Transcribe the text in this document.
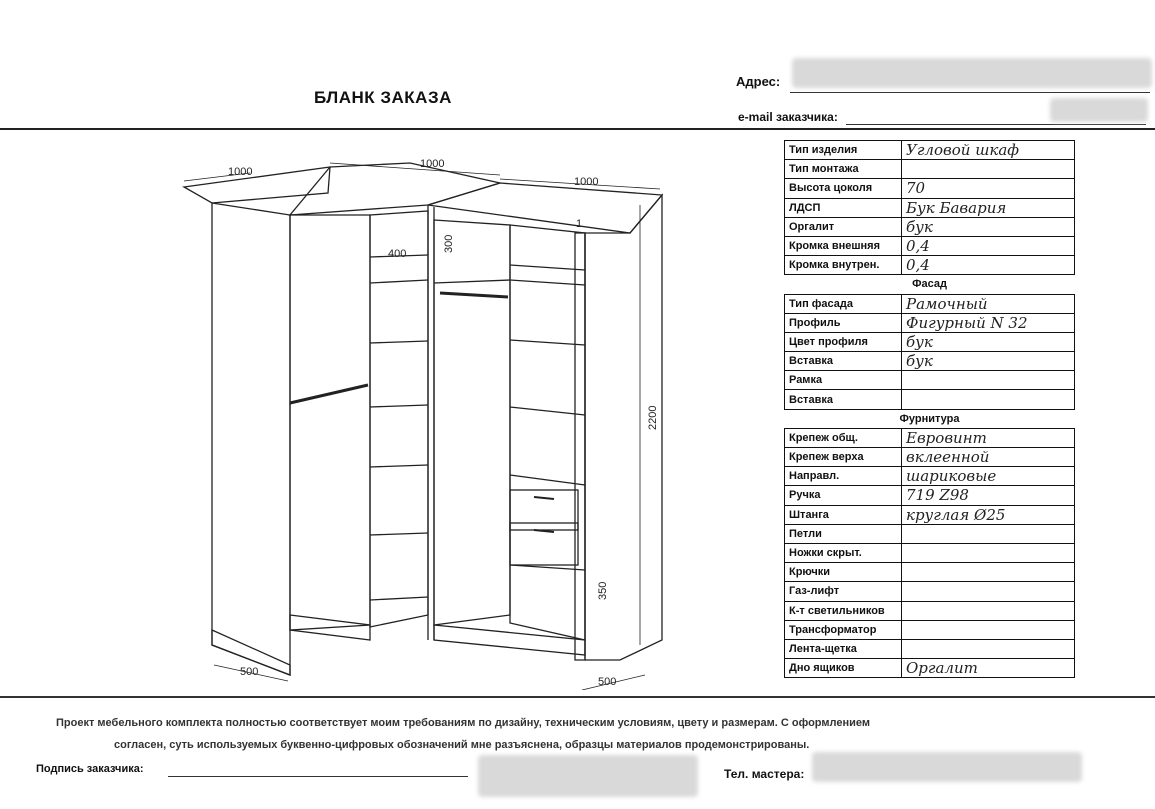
БЛАНК ЗАКАЗА
Адрес:
e-mail заказчика:
1000
1000
1000
400
300
1
2200
350
500
500
Тип изделия	Угловой шкаф
Тип монтажа	
Высота цоколя	70
ЛДСП	Бук Бавария
Оргалит	бук
Кромка внешняя	0,4
Кромка внутрен.	0,4
Фасад	
Тип фасада	Рамочный
Профиль	Фигурный N 32
Цвет профиля	бук
Вставка	бук
Рамка	
Вставка	
Фурнитура	
Крепеж общ.	Евровинт
Крепеж верха	вклеенной
Направл.	шариковые
Ручка	719 Z98
Штанга	круглая Ø25
Петли	
Ножки скрыт.	
Крючки	
Газ-лифт	
К-т светильников	
Трансформатор	
Лента-щетка	
Дно ящиков	Оргалит
Проект мебельного комплекта полностью соответствует моим требованиям по дизайну, техническим условиям, цвету и размерам. С оформлением
согласен, суть используемых буквенно-цифровых обозначений мне разъяснена, образцы материалов продемонстрированы.
Подпись заказчика:	Тел. мастера:
